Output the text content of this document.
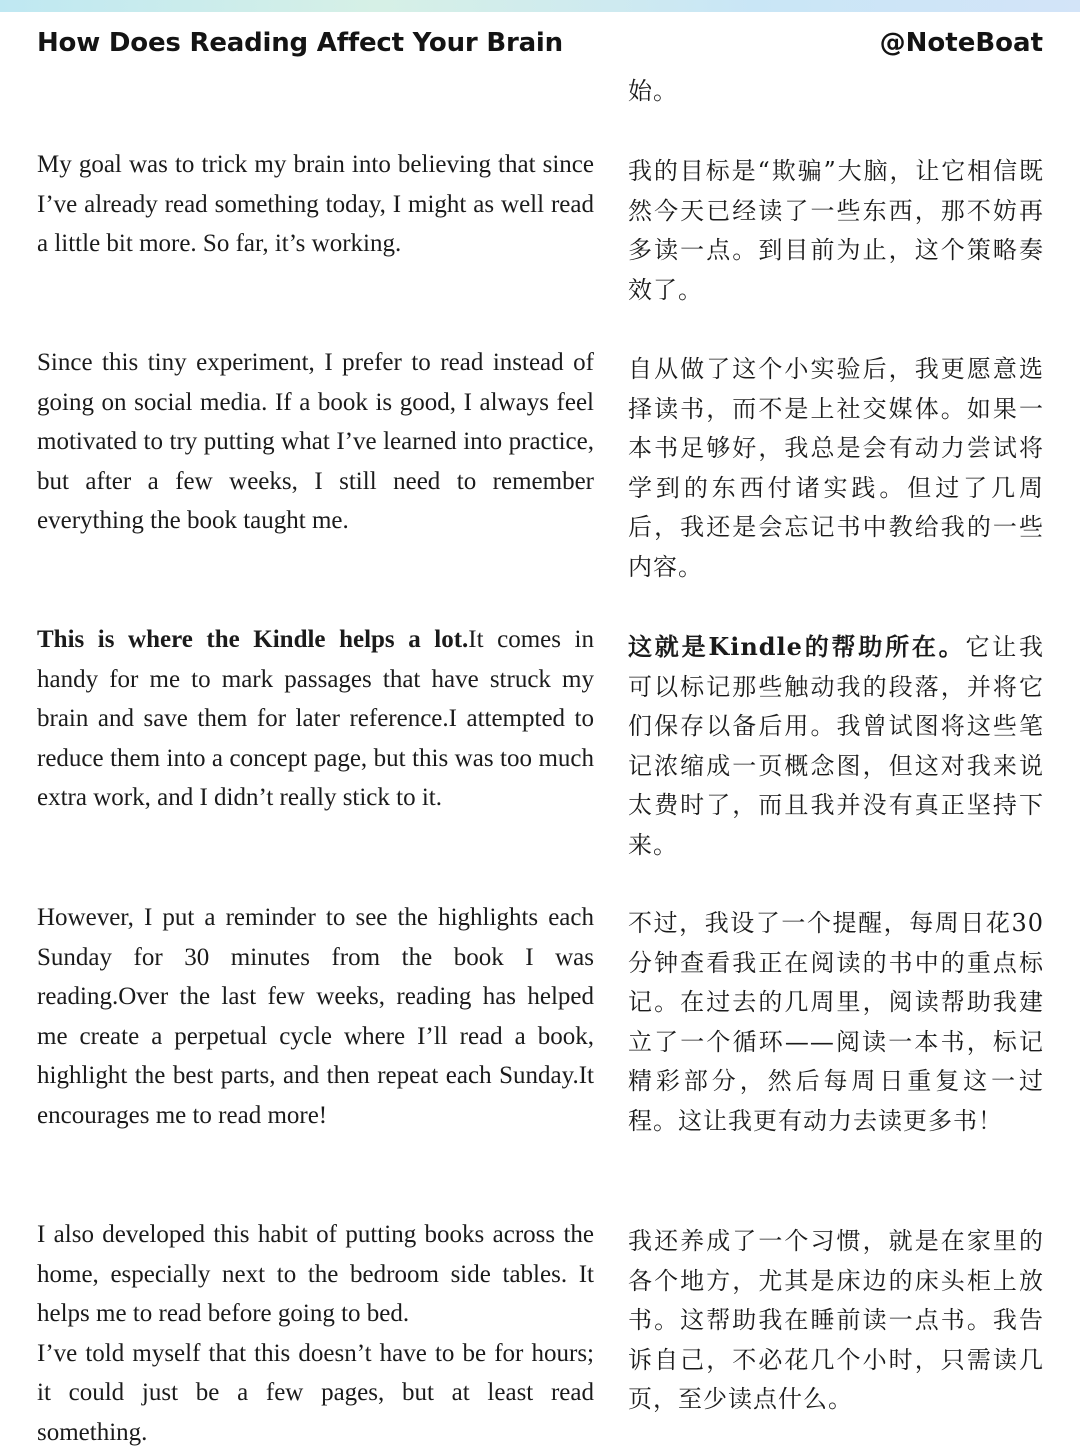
How Does Reading Affect Your Brain	@NoteBoat

始。

My goal was to trick my brain into believing that since I’ve already read something today, I might as well read a little bit more. So far, it’s working.

我的目标是“欺骗”大脑，让它相信既然今天已经读了一些东西，那不妨再多读一点。到目前为止，这个策略奏效了。

Since this tiny experiment, I prefer to read instead of going on social media. If a book is good, I always feel motivated to try putting what I’ve learned into practice, but after a few weeks, I still need to remember everything the book taught me.

自从做了这个小实验后，我更愿意选择读书，而不是上社交媒体。如果一本书足够好，我总是会有动力尝试将学到的东西付诸实践。但过了几周后，我还是会忘记书中教给我的一些内容。

This is where the Kindle helps a lot.It comes in handy for me to mark passages that have struck my brain and save them for later reference.I attempted to reduce them into a concept page, but this was too much extra work, and I didn’t really stick to it.

这就是Kindle的帮助所在。它让我可以标记那些触动我的段落，并将它们保存以备后用。我曾试图将这些笔记浓缩成一页概念图，但这对我来说太费时了，而且我并没有真正坚持下来。

However, I put a reminder to see the highlights each Sunday for 30 minutes from the book I was reading.Over the last few weeks, reading has helped me create a perpetual cycle where I’ll read a book, highlight the best parts, and then repeat each Sunday.It encourages me to read more!

不过，我设了一个提醒，每周日花30分钟查看我正在阅读的书中的重点标记。在过去的几周里，阅读帮助我建立了一个循环——阅读一本书，标记精彩部分，然后每周日重复这一过程。这让我更有动力去读更多书！

I also developed this habit of putting books across the home, especially next to the bedroom side tables. It helps me to read before going to bed.
I’ve told myself that this doesn’t have to be for hours; it could just be a few pages, but at least read something.

我还养成了一个习惯，就是在家里的各个地方，尤其是床边的床头柜上放书。这帮助我在睡前读一点书。我告诉自己，不必花几个小时，只需读几页，至少读点什么。
